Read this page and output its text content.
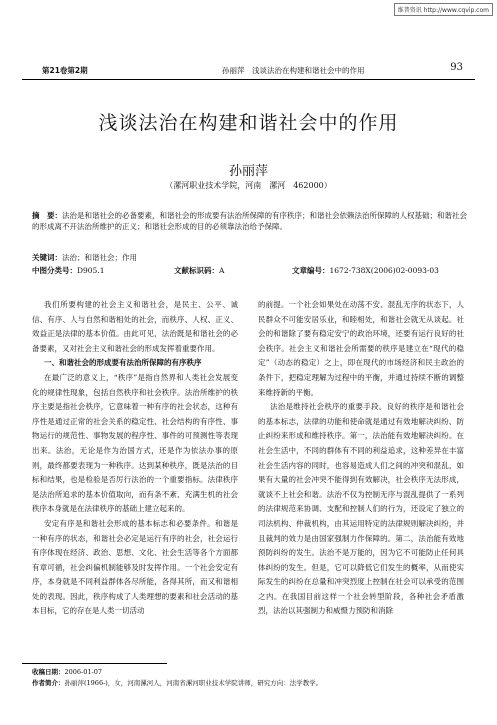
维普资讯 http://www.cqvip.com
第21卷第2期	孙丽萍　浅谈法治在构建和谐社会中的作用	93
浅谈法治在构建和谐社会中的作用
孙丽萍
（漯河职业技术学院，河南　漯河　462000）
摘　要：法治是和谐社会的必备要素，和谐社会的形成要有法治所保障的有序秩序；和谐社会依赖法治所保障的人权基础；和谐社会的形成离不开法治所维护的正义；和谐社会形成的目的必须靠法治给予保障。
关键词：法治；和谐社会；作用
中图分类号：D905.1	文献标识码：A	文章编号：1672-738X(2006)02-0093-03

我们所要构建的社会主义和谐社会，是民主、公平、诚信、有序、人与自然和谐相处的社会，而秩序、人权、正义、效益正是法律的基本价值。由此可见，法治既是和谐社会的必备要素，又对社会主义和谐社会的形成发挥着重要作用。

一、和谐社会的形成要有法治所保障的有序秩序

在最广泛的意义上，“秩序”是指自然界和人类社会发展变化的规律性现象，包括自然秩序和社会秩序。法治所维护的秩序主要是指社会秩序，它意味着一种有序的社会状态，这种有序性是通过正常的社会关系的稳定性、社会结构的有序性、事物运行的规范性、事物发展的程序性、事件的可预测性等表现出来。法治，无论是作为治国方式，还是作为依法办事的原则，最终都要表现为一种秩序。达到某种秩序，既是法治的目标和结果，也是检验是否厉行法治的一个重要指标。法律秩序是法治所追求的基本价值取向，而有条不紊、充满生机的社会秩序本身就是在法律秩序的基础上建立起来的。

安定有序是和谐社会形成的基本标志和必要条件。和谐是一种有序的状态，和谐社会必定是运行有序的社会，社会运行有序体现在经济、政治、思想、文化、社会生活等各个方面都有章可循，社会纠偏机制能够及时发挥作用。一个社会安定有序，本身就是不同利益群体各尽所能，各得其所，而又和谐相处的表现。因此，秩序构成了人类理想的要素和社会活动的基本目标，它的存在是人类一切活动

的前提。一个社会如果处在动荡不安、混乱无序的状态下，人民群众不可能安居乐业，和睦相处，和谐社会就无从谈起。社会的和谐除了要有稳定安宁的政治环境，还要有运行良好的社会秩序。社会主义和谐社会所需要的秩序是建立在“现代的稳定”（动态的稳定）之上，即在现代的市场经济和民主政治的条件下，把稳定理解为过程中的平衡，并通过持续不断的调整来维持新的平衡。

法治是维持社会秩序的重要手段。良好的秩序是和谐社会的基本标志，法律的功能和使命就是通过有效地解决纠纷、防止纠纷来形成和维持秩序。第一，法治能有效地解决纠纷。在社会生活中，不同的群体有不同的利益追求，这种差异在丰富社会生活内容的同时，也容易造成人们之间的冲突和混乱，如果有大量的社会冲突不能得到有效解决，社会秩序无法形成，就谈不上社会和谐。法治不仅为控制无序与混乱提供了一系列的法律规范来协调、支配和控制人们的行为，还设定了独立的司法机构、仲裁机构，由其运用特定的法律规则解决纠纷，并且裁判的效力是由国家强制力作保障的。第二，法治能有效地预防纠纷的发生。法治不是万能的，因为它不可能防止任何具体纠纷的发生。但是，它可以降低它们发生的概率，从而使实际发生的纠纷在总量和冲突烈度上控制在社会可以承受的范围之内。在我国目前这样一个社会转型阶段，各种社会矛盾激烈，法治以其强制力和威慑力预防和消除

收稿日期：2006-01-07
作者简介：孙丽萍(1966-)，女，河南漯河人，河南省漯河职业技术学院讲师，研究方向：法学教学。
